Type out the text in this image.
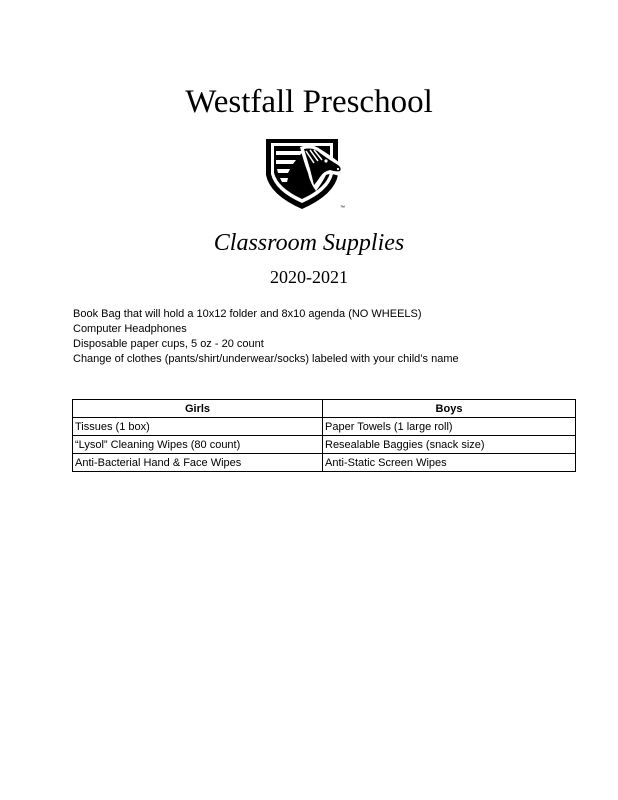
Westfall Preschool
™
Classroom Supplies
2020-2021
Book Bag that will hold a 10x12 folder and 8x10 agenda (NO WHEELS)
Computer Headphones
Disposable paper cups, 5 oz - 20 count
Change of clothes (pants/shirt/underwear/socks) labeled with your child’s name
Girls	Boys
Tissues (1 box)	Paper Towels (1 large roll)
“Lysol” Cleaning Wipes (80 count)	Resealable Baggies (snack size)
Anti-Bacterial Hand & Face Wipes	Anti-Static Screen Wipes
